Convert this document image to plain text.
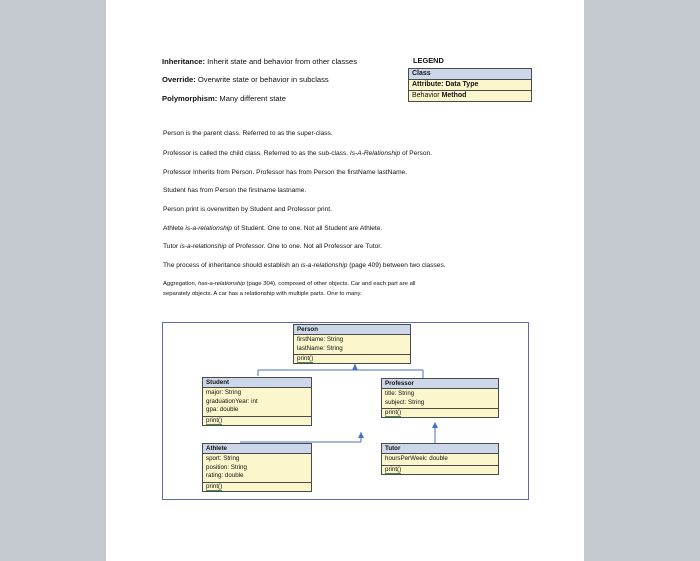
Inheritance: Inherit state and behavior from other classes
Override: Overwrite state or behavior in subclass
Polymorphism: Many different state
LEGEND
Class
Attribute: Data Type
Behavior Method
Person is the parent class. Referred to as the super-class.
Professor is called the child class. Referred to as the sub-class. Is-A-Relationship of Person.
Professor Inherits from Person. Professor has from Person the firstName lastName.
Student has from Person the firstname lastname.
Person print is overwritten by Student and Professor print.
Athlete is-a-relationship of Student. One to one. Not all Student are Athlete.
Tutor is-a-relationship of Professor. One to one. Not all Professor are Tutor.
The process of inheritance should establish an is-a-relationship (page 409) between two classes.
Aggregation, has-a-relationship (page 304), composed of other objects. Car and each part are all
separately objects. A car has a relationship with multiple parts. One to many.
Person
firstName: String
lastName: String
print()
Student
major: String
graduationYear: int
gpa: double
print()
Professor
title: String
subject: String
print()
Athlete
sport: String
position: String
rating: double
print()
Tutor
hoursPerWeek: double
print()
